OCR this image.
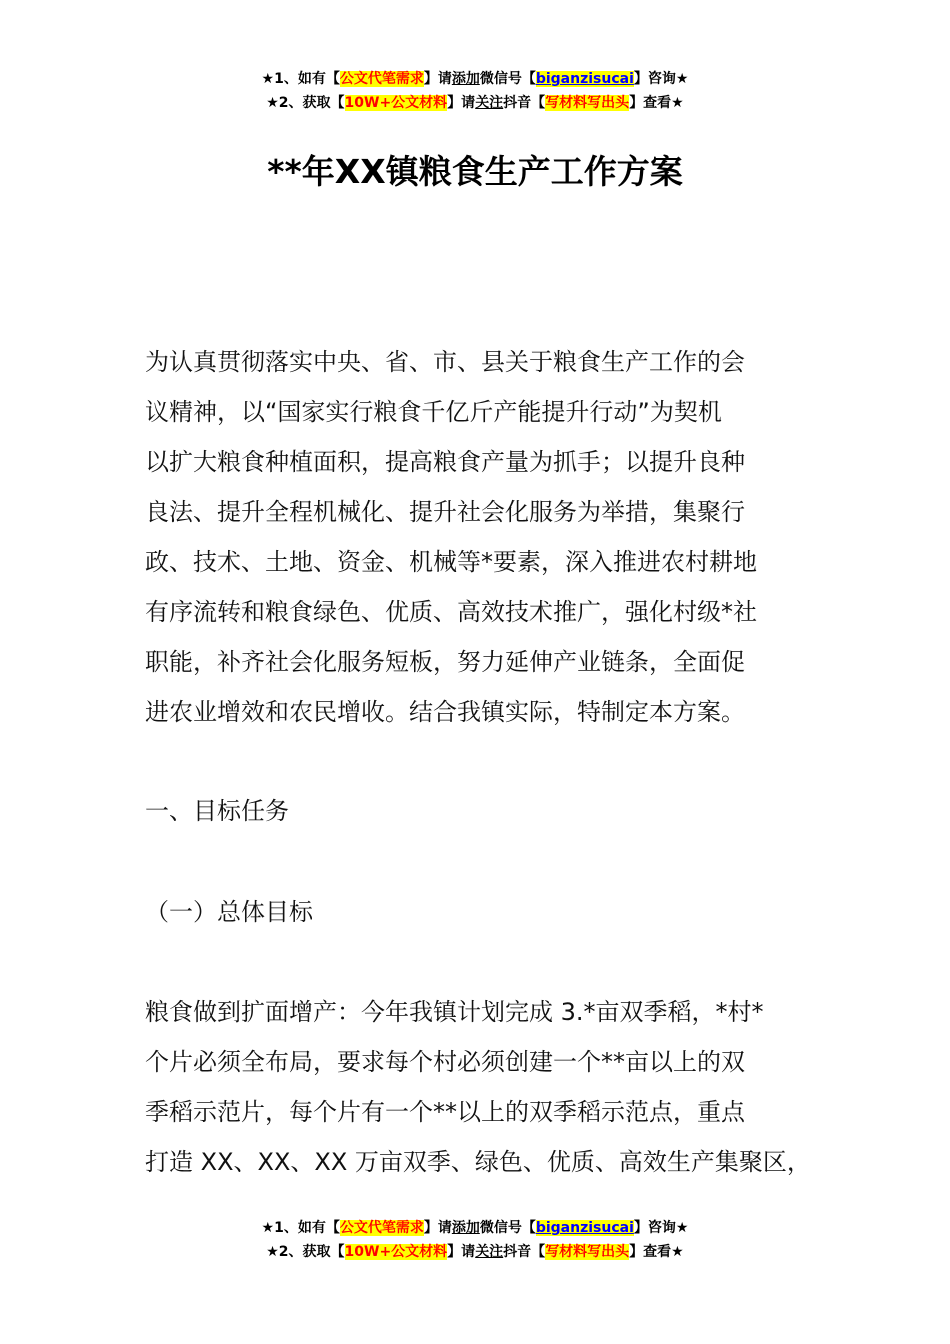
★1、如有【公文代笔需求】请添加微信号【biganzisucai】咨询★
★2、获取【10W+公文材料】请关注抖音【写材料写出头】查看★
**年XX镇粮食生产工作方案
为认真贯彻落实中央、省、市、县关于粮食生产工作的会
议精神，以“国家实行粮食千亿斤产能提升行动”为契机
以扩大粮食种植面积，提高粮食产量为抓手；以提升良种
良法、提升全程机械化、提升社会化服务为举措，集聚行
政、技术、土地、资金、机械等*要素，深入推进农村耕地
有序流转和粮食绿色、优质、高效技术推广，强化村级*社
职能，补齐社会化服务短板，努力延伸产业链条，全面促
进农业增效和农民增收。结合我镇实际，特制定本方案。
一、目标任务
（一）总体目标
粮食做到扩面增产：今年我镇计划完成 3.*亩双季稻，*村*
个片必须全布局，要求每个村必须创建一个**亩以上的双
季稻示范片，每个片有一个**以上的双季稻示范点，重点
打造 XX、XX、XX 万亩双季、绿色、优质、高效生产集聚区，
★1、如有【公文代笔需求】请添加微信号【biganzisucai】咨询★
★2、获取【10W+公文材料】请关注抖音【写材料写出头】查看★
